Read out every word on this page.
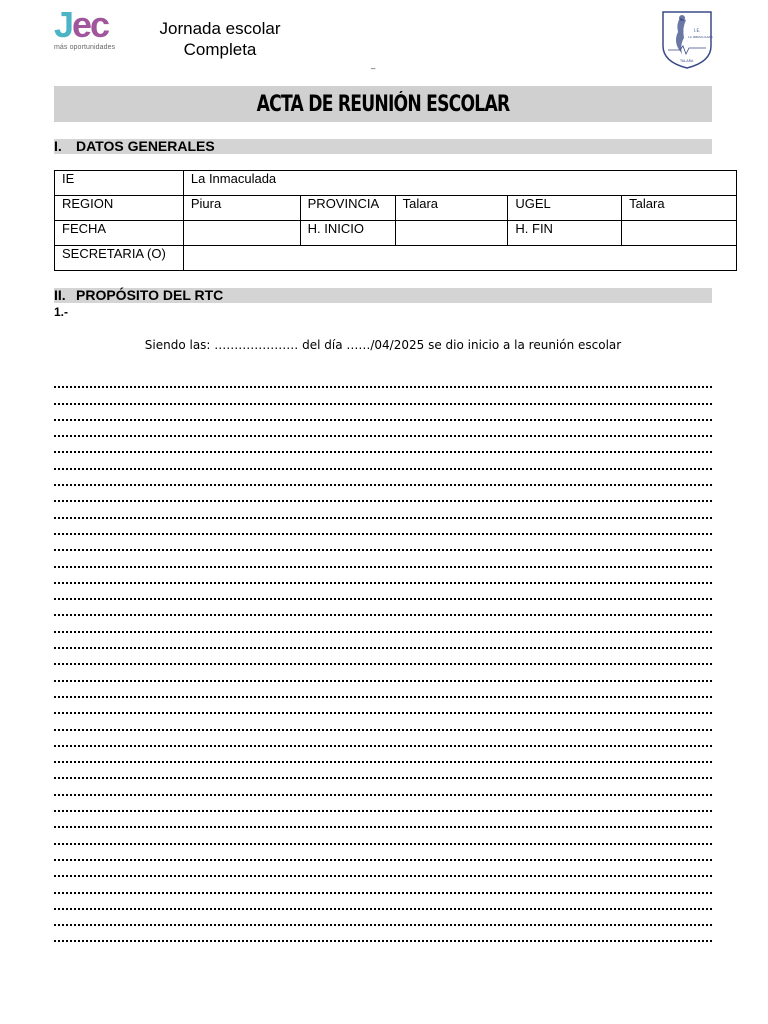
Jec
más oportunidades
Jornada escolar
Completa
–
I.E.
LA INMACULADA
TALARA
ACTA DE REUNIÓN ESCOLAR
I. DATOS GENERALES
IE	La Inmaculada				
REGION	Piura	PROVINCIA	Talara	UGEL	Talara
FECHA		H. INICIO		H. FIN	
SECRETARIA (O)					
II. PROPÓSITO DEL RTC
1.-
Siendo las: ………………… del día ……/04/2025 se dio inicio a la reunión escolar
